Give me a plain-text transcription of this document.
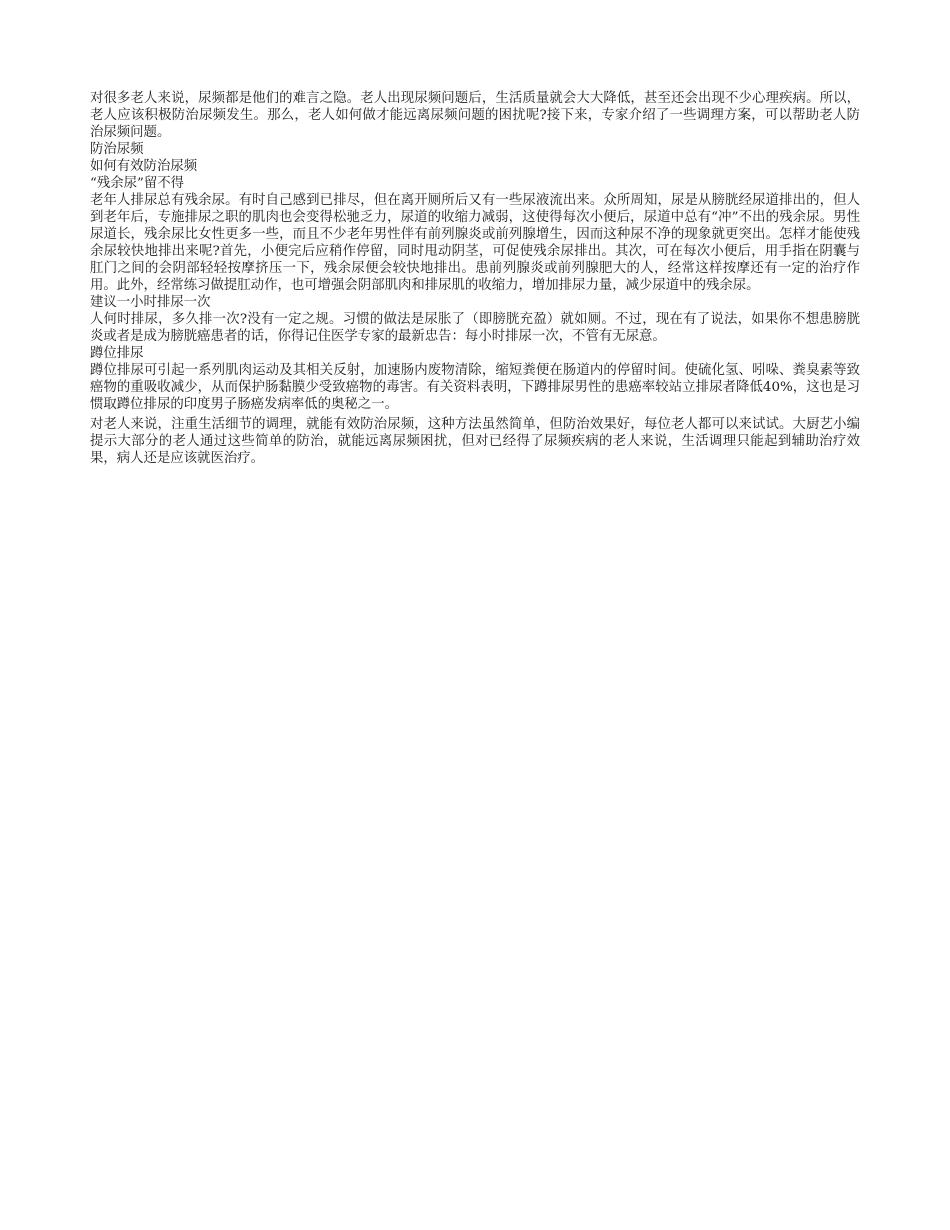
对很多老人来说，尿频都是他们的难言之隐。老人出现尿频问题后，生活质量就会大大降低，甚至还会出现不少心理疾病。所以，老人应该积极防治尿频发生。那么，老人如何做才能远离尿频问题的困扰呢?接下来，专家介绍了一些调理方案，可以帮助老人防治尿频问题。

防治尿频

如何有效防治尿频

“残余尿”留不得

老年人排尿总有残余尿。有时自己感到已排尽，但在离开厕所后又有一些尿液流出来。众所周知，尿是从膀胱经尿道排出的，但人到老年后，专施排尿之职的肌肉也会变得松驰乏力，尿道的收缩力减弱，这使得每次小便后，尿道中总有“冲”不出的残余尿。男性尿道长，残余尿比女性更多一些，而且不少老年男性伴有前列腺炎或前列腺增生，因而这种尿不净的现象就更突出。怎样才能使残余尿较快地排出来呢?首先，小便完后应稍作停留，同时甩动阴茎，可促使残余尿排出。其次，可在每次小便后，用手指在阴囊与肛门之间的会阴部轻轻按摩挤压一下，残余尿便会较快地排出。患前列腺炎或前列腺肥大的人，经常这样按摩还有一定的治疗作用。此外，经常练习做提肛动作，也可增强会阴部肌肉和排尿肌的收缩力，增加排尿力量，减少尿道中的残余尿。

建议一小时排尿一次

人何时排尿，多久排一次?没有一定之规。习惯的做法是尿胀了（即膀胱充盈）就如厕。不过，现在有了说法，如果你不想患膀胱炎或者是成为膀胱癌患者的话，你得记住医学专家的最新忠告：每小时排尿一次，不管有无尿意。

蹲位排尿

蹲位排尿可引起一系列肌肉运动及其相关反射，加速肠内废物清除，缩短粪便在肠道内的停留时间。使硫化氢、吲哚、粪臭素等致癌物的重吸收减少，从而保护肠黏膜少受致癌物的毒害。有关资料表明，下蹲排尿男性的患癌率较站立排尿者降低40%，这也是习惯取蹲位排尿的印度男子肠癌发病率低的奥秘之一。

对老人来说，注重生活细节的调理，就能有效防治尿频，这种方法虽然简单，但防治效果好，每位老人都可以来试试。大厨艺小编提示大部分的老人通过这些简单的防治，就能远离尿频困扰，但对已经得了尿频疾病的老人来说，生活调理只能起到辅助治疗效果，病人还是应该就医治疗。
